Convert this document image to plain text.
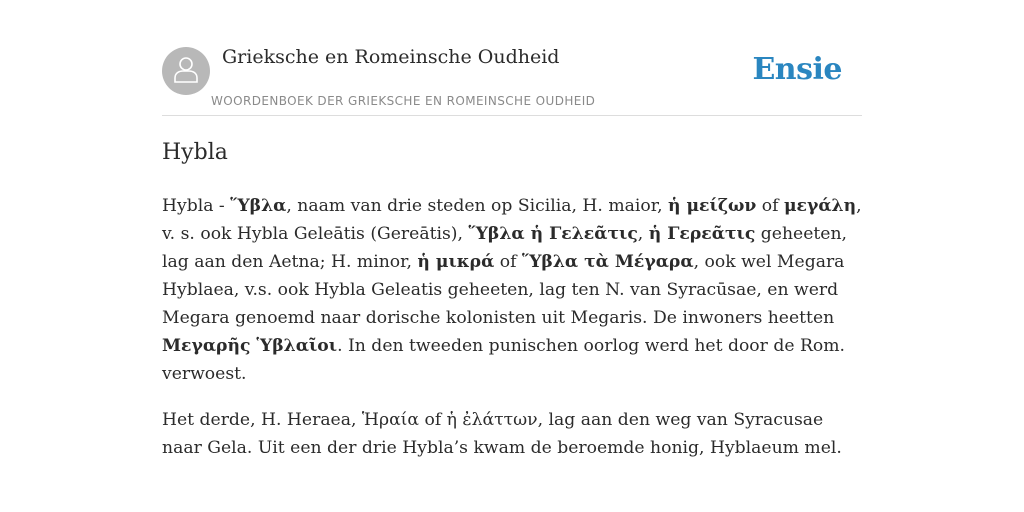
Grieksche en Romeinsche Oudheid
WOORDENBOEK DER GRIEKSCHE EN ROMEINSCHE OUDHEID
Ensie
Hybla

Hybla - Ὕβλα, naam van drie steden op Sicilia, H. maior, ἡ μείζων of μεγάλη, v. s. ook Hybla Geleātis (Gereātis), Ὕβλα ἡ Γελεᾶτις, ἡ Γερεᾶτις geheeten, lag aan den Aetna; H. minor, ἡ μικρά of Ὕβλα τὰ Μέγαρα, ook wel Megara Hyblaea, v.s. ook Hybla Geleatis geheeten, lag ten N. van Syracūsae, en werd Megara genoemd naar dorische kolonisten uit Megaris. De inwoners heetten Μεγαρῆς Ὑβλαῖοι. In den tweeden punischen oorlog werd het door de Rom. verwoest.

Het derde, H. Heraea, Ἡραία of ἡ ἐλάττων, lag aan den weg van Syracusae naar Gela. Uit een der drie Hybla’s kwam de beroemde honig, Hyblaeum mel.
